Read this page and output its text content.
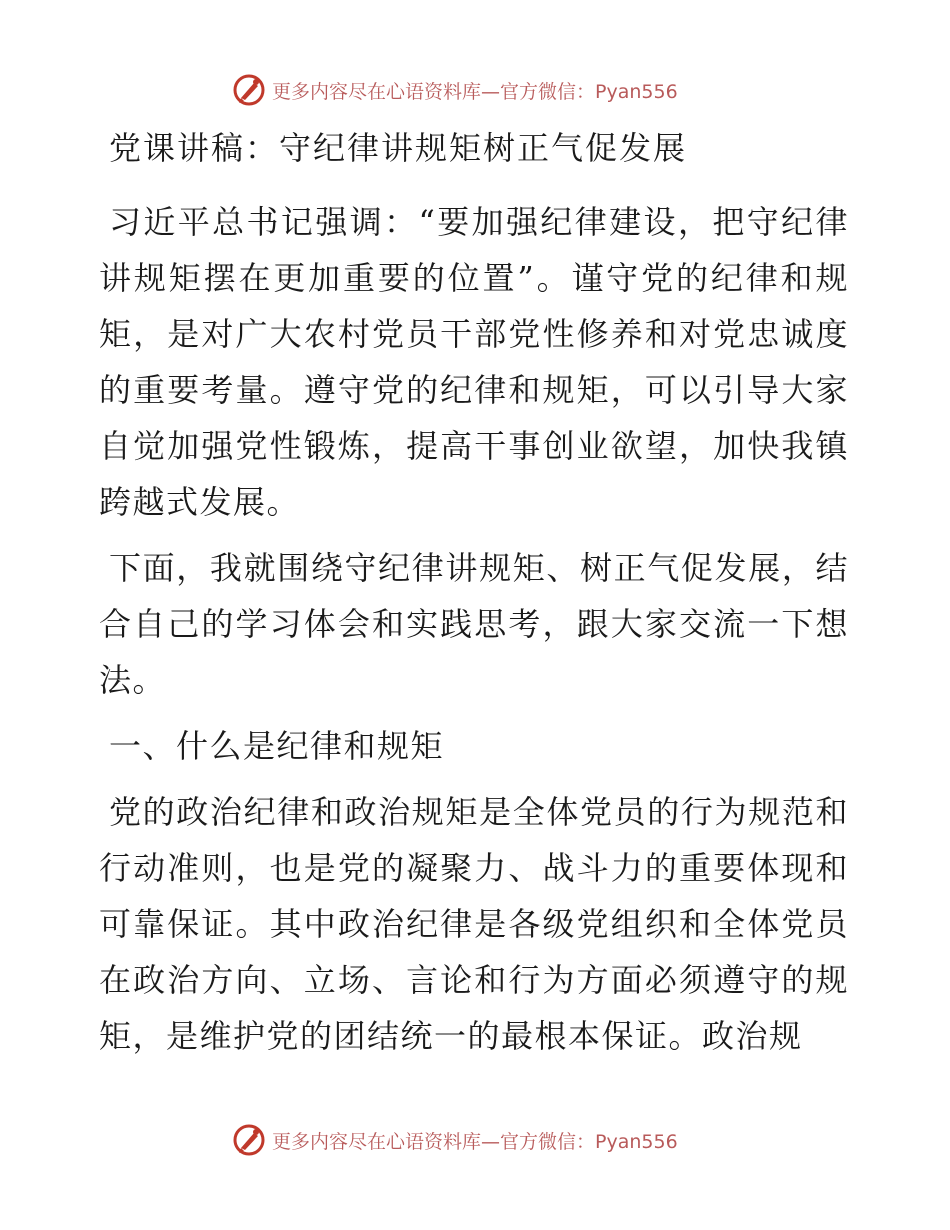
更多内容尽在心语资料库—官方微信：Pyan556
党课讲稿：守纪律讲规矩树正气促发展

习近平总书记强调：“要加强纪律建设，把守纪律讲规矩摆在更加重要的位置”。谨守党的纪律和规矩，是对广大农村党员干部党性修养和对党忠诚度的重要考量。遵守党的纪律和规矩，可以引导大家自觉加强党性锻炼，提高干事创业欲望，加快我镇跨越式发展。

下面，我就围绕守纪律讲规矩、树正气促发展，结合自己的学习体会和实践思考，跟大家交流一下想法。

一、什么是纪律和规矩

党的政治纪律和政治规矩是全体党员的行为规范和行动准则，也是党的凝聚力、战斗力的重要体现和可靠保证。其中政治纪律是各级党组织和全体党员在政治方向、立场、言论和行为方面必须遵守的规矩，是维护党的团结统一的最根本保证。政治规

更多内容尽在心语资料库—官方微信：Pyan556
